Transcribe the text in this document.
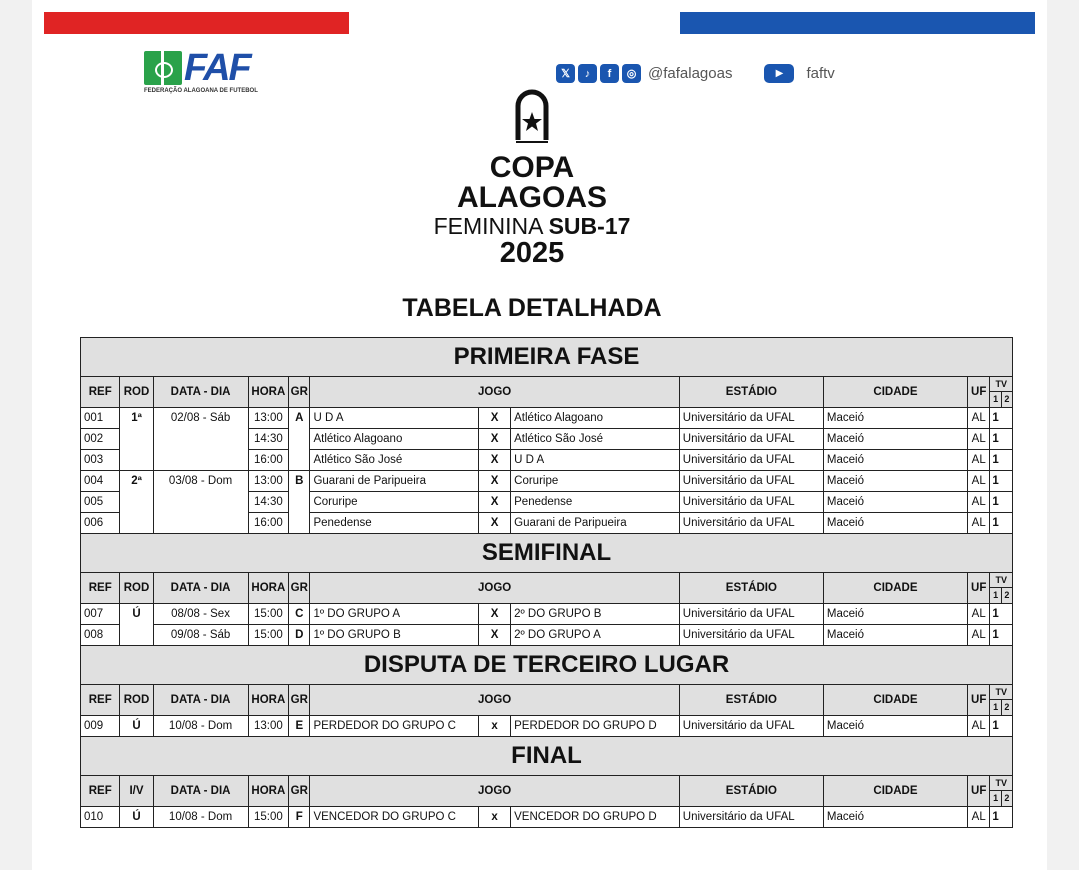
FAF
FEDERAÇÃO ALAGOANA DE FUTEBOL
𝕏	♪	f	◎ @fafalagoas	▶	faftv
COPA
ALAGOAS
FEMININA SUB-17
2025
TABELA DETALHADA
PRIMEIRA FASE											
REF	ROD	DATA - DIA	HORA	GR	JOGO			ESTÁDIO	CIDADE	UF	TV
1 2

001	1ª	02/08 - Sáb	13:00	A	U D A	X	Atlético Alagoano	Universitário da UFAL	Maceió	AL	1
002			14:30		Atlético Alagoano	X	Atlético São José	Universitário da UFAL	Maceió	AL	1
003			16:00		Atlético São José	X	U D A	Universitário da UFAL	Maceió	AL	1
004	2ª	03/08 - Dom	13:00	B	Guarani de Paripueira	X	Coruripe	Universitário da UFAL	Maceió	AL	1
005			14:30		Coruripe	X	Penedense	Universitário da UFAL	Maceió	AL	1
006			16:00		Penedense	X	Guarani de Paripueira	Universitário da UFAL	Maceió	AL	1
SEMIFINAL											
REF	ROD	DATA - DIA	HORA	GR	JOGO			ESTÁDIO	CIDADE	UF	TV
1 2

007	Ú	08/08 - Sex	15:00	C	1º DO GRUPO A	X	2º DO GRUPO B	Universitário da UFAL	Maceió	AL	1
008		09/08 - Sáb	15:00	D	1º DO GRUPO B	X	2º DO GRUPO A	Universitário da UFAL	Maceió	AL	1
DISPUTA DE TERCEIRO LUGAR											
REF	ROD	DATA - DIA	HORA	GR	JOGO			ESTÁDIO	CIDADE	UF	TV
1 2

009	Ú	10/08 - Dom	13:00	E	PERDEDOR DO GRUPO C	x	PERDEDOR DO GRUPO D	Universitário da UFAL	Maceió	AL	1
FINAL											
REF	I/V	DATA - DIA	HORA	GR	JOGO			ESTÁDIO	CIDADE	UF	TV
1 2

010	Ú	10/08 - Dom	15:00	F	VENCEDOR DO GRUPO C	x	VENCEDOR DO GRUPO D	Universitário da UFAL	Maceió	AL	1
